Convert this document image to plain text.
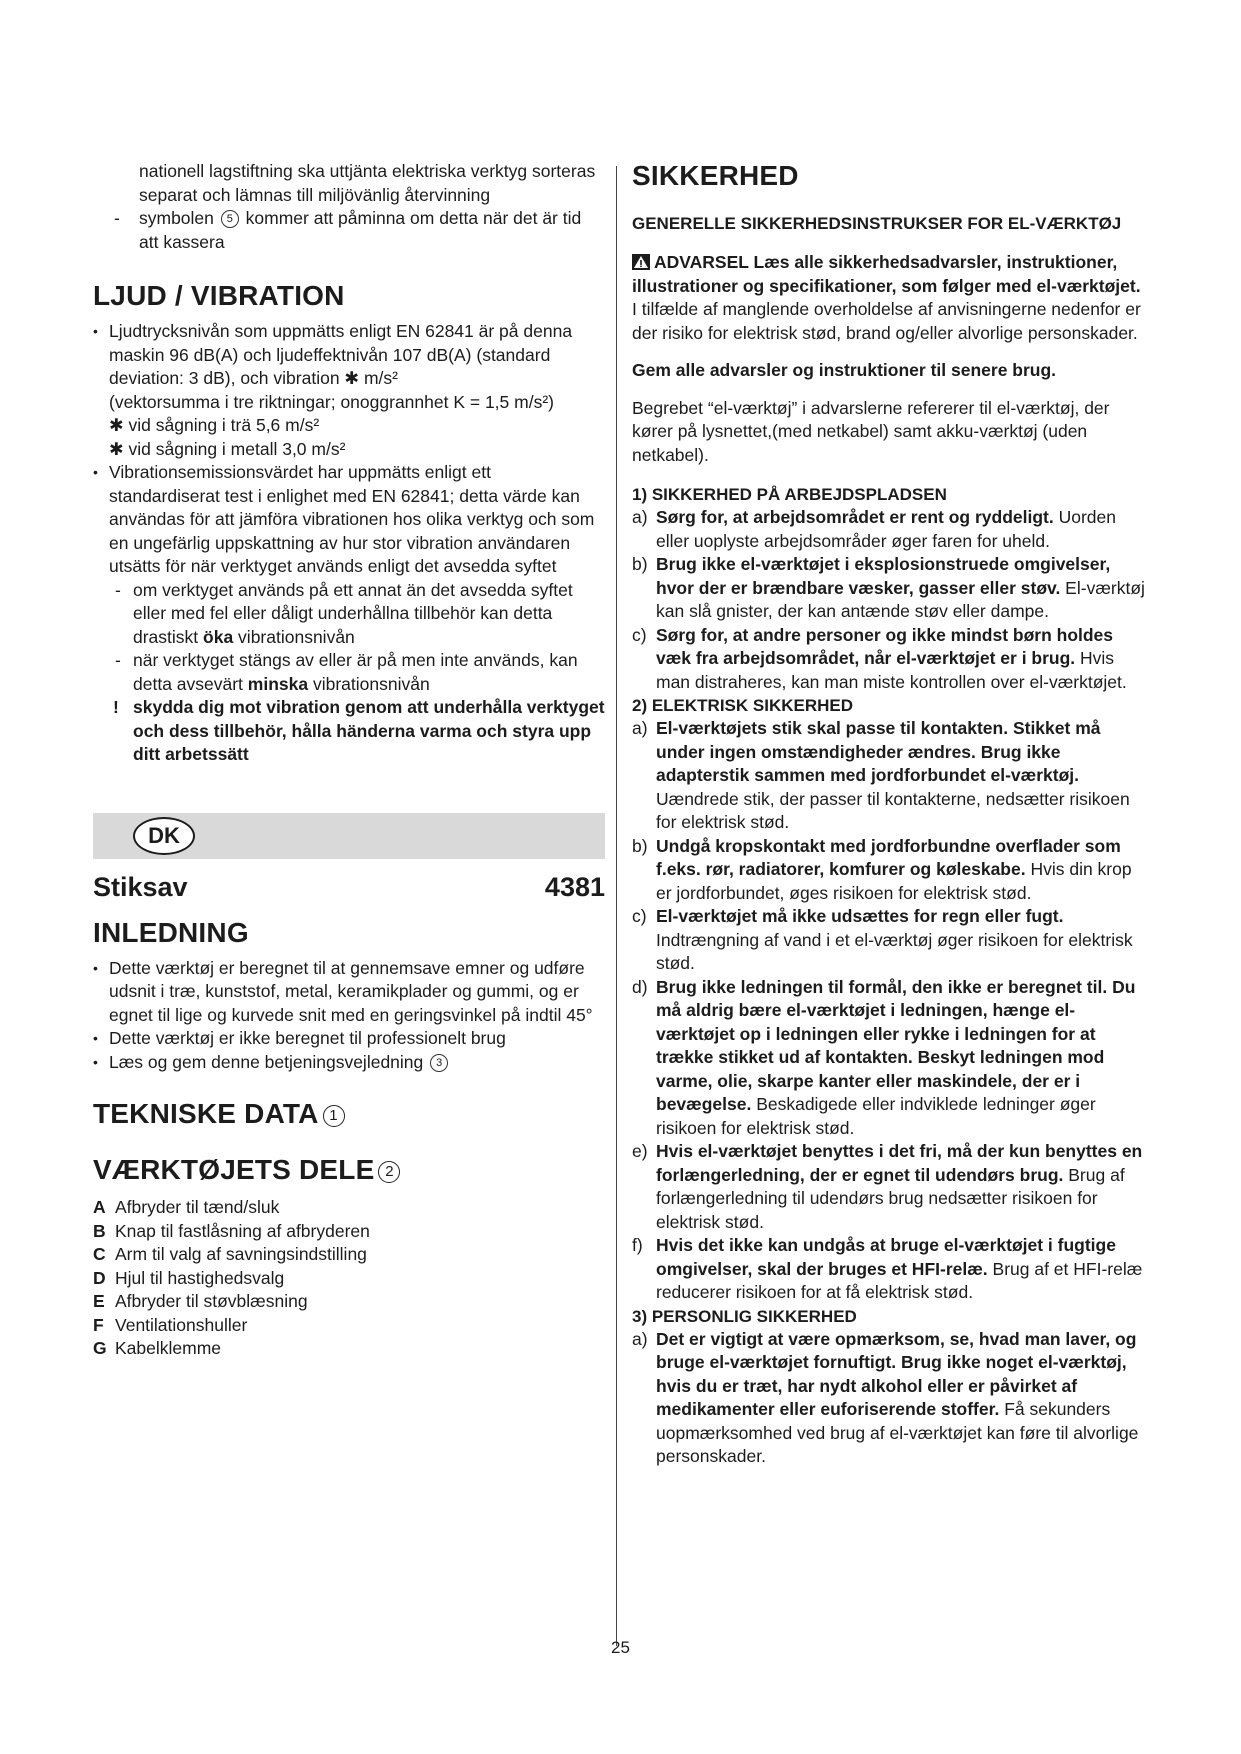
nationell lagstiftning ska uttjänta elektriska verktyg sorteras separat och lämnas till miljövänlig återvinning

- symbolen 5 kommer att påminna om detta när det är tid att kassera
LJUD / VIBRATION
• Ljudtrycksnivån som uppmätts enligt EN 62841 är på denna maskin 96 dB(A) och ljudeffektnivån 107 dB(A) (standard deviation: 3 dB), och vibration ✱ m/s²

(vektorsumma i tre riktningar; onoggrannhet K = 1,5 m/s²)

✱ vid sågning i trä 5,6 m/s²

✱ vid sågning i metall 3,0 m/s²

• Vibrationsemissionsvärdet har uppmätts enligt ett standardiserat test i enlighet med EN 62841; detta värde kan användas för att jämföra vibrationen hos olika verktyg och som en ungefärlig uppskattning av hur stor vibration användaren utsätts för när verktyget används enligt det avsedda syftet

- om verktyget används på ett annat än det avsedda syftet eller med fel eller dåligt underhållna tillbehör kan detta drastiskt öka vibrationsnivån
- när verktyget stängs av eller är på men inte används, kan detta avsevärt minska vibrationsnivån
! skydda dig mot vibration genom att underhålla verktyget och dess tillbehör, hålla händerna varma och styra upp ditt arbetssätt
DK
Stiksav	4381
INLEDNING
• Dette værktøj er beregnet til at gennemsave emner og udføre udsnit i træ, kunststof, metal, keramikplader og gummi, og er egnet til lige og kurvede snit med en geringsvinkel på indtil 45°

• Dette værktøj er ikke beregnet til professionelt brug

• Læs og gem denne betjeningsvejledning 3
TEKNISKE DATA 1
VÆRKTØJETS DELE 2
A Afbryder til tænd/sluk
B Knap til fastlåsning af afbryderen
C Arm til valg af savningsindstilling
D Hjul til hastighedsvalg
E Afbryder til støvblæsning
F Ventilationshuller
G Kabelklemme
SIKKERHED
GENERELLE SIKKERHEDSINSTRUKSER FOR EL-VÆRKTØJ

ADVARSEL Læs alle sikkerhedsadvarsler, instruktioner, illustrationer og specifikationer, som følger med el-værktøjet. I tilfælde af manglende overholdelse af anvisningerne nedenfor er der risiko for elektrisk stød, brand og/eller alvorlige personskader.

Gem alle advarsler og instruktioner til senere brug.

Begrebet “el-værktøj” i advarslerne refererer til el-værktøj, der kører på lysnettet,(med netkabel) samt akku-værktøj (uden netkabel).

1) SIKKERHED PÅ ARBEJDSPLADSEN
a) Sørg for, at arbejdsområdet er rent og ryddeligt. Uorden eller uoplyste arbejdsområder øger faren for uheld.
b) Brug ikke el-værktøjet i eksplosionstruede omgivelser, hvor der er brændbare væsker, gasser eller støv. El-værktøj kan slå gnister, der kan antænde støv eller dampe.
c) Sørg for, at andre personer og ikke mindst børn holdes væk fra arbejdsområdet, når el-værktøjet er i brug. Hvis man distraheres, kan man miste kontrollen over el-værktøjet.
2) ELEKTRISK SIKKERHED
a) El-værktøjets stik skal passe til kontakten. Stikket må under ingen omstændigheder ændres. Brug ikke adapterstik sammen med jordforbundet el-værktøj. Uændrede stik, der passer til kontakterne, nedsætter risikoen for elektrisk stød.
b) Undgå kropskontakt med jordforbundne overflader som f.eks. rør, radiatorer, komfurer og køleskabe. Hvis din krop er jordforbundet, øges risikoen for elektrisk stød.
c) El-værktøjet må ikke udsættes for regn eller fugt. Indtrængning af vand i et el-værktøj øger risikoen for elektrisk stød.
d) Brug ikke ledningen til formål, den ikke er beregnet til. Du må aldrig bære el-værktøjet i ledningen, hænge el-værktøjet op i ledningen eller rykke i ledningen for at trække stikket ud af kontakten. Beskyt ledningen mod varme, olie, skarpe kanter eller maskindele, der er i bevægelse. Beskadigede eller indviklede ledninger øger risikoen for elektrisk stød.
e) Hvis el-værktøjet benyttes i det fri, må der kun benyttes en forlængerledning, der er egnet til udendørs brug. Brug af forlængerledning til udendørs brug nedsætter risikoen for elektrisk stød.
f) Hvis det ikke kan undgås at bruge el-værktøjet i fugtige omgivelser, skal der bruges et HFI-relæ. Brug af et HFI-relæ reducerer risikoen for at få elektrisk stød.
3) PERSONLIG SIKKERHED
a) Det er vigtigt at være opmærksom, se, hvad man laver, og bruge el-værktøjet fornuftigt. Brug ikke noget el-værktøj, hvis du er træt, har nydt alkohol eller er påvirket af medikamenter eller euforiserende stoffer. Få sekunders uopmærksomhed ved brug af el-værktøjet kan føre til alvorlige personskader.
25
